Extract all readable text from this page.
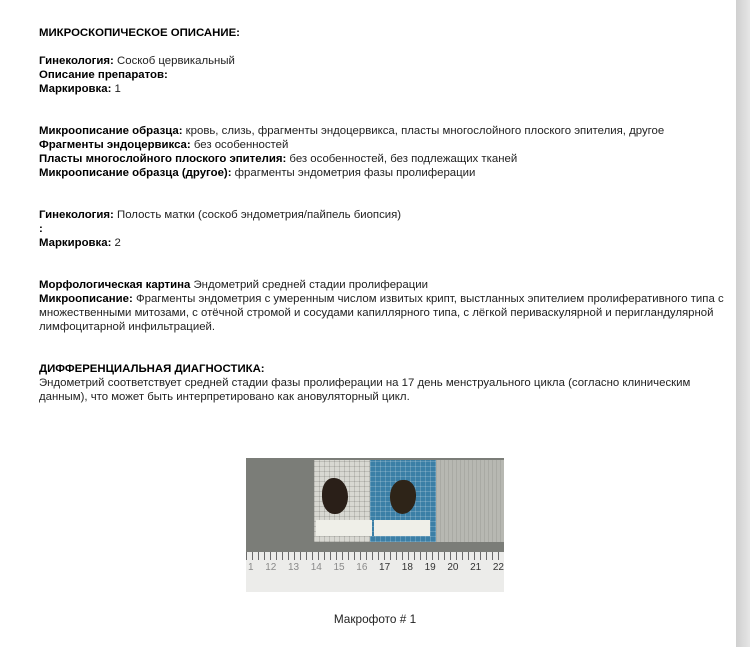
МИКРОСКОПИЧЕСКОЕ ОПИСАНИЕ:
Гинекология: Соскоб цервикальный
Описание препаратов:
Маркировка: 1
Микроописание образца: кровь, слизь, фрагменты эндоцервикса, пласты многослойного плоского эпителия, другое
Фрагменты эндоцервикса: без особенностей
Пласты многослойного плоского эпителия: без особенностей, без подлежащих тканей
Микроописание образца (другое): фрагменты эндометрия фазы пролиферации
Гинекология: Полость матки (соскоб эндометрия/пайпель биопсия)
:
Маркировка: 2
Морфологическая картина Эндометрий средней стадии пролиферации
Микроописание: Фрагменты эндометрия с умеренным числом извитых крипт, выстланных эпителием пролиферативного типа с множественными митозами, с отёчной стромой и сосудами капиллярного типа, с лёгкой периваскулярной и перигландулярной лимфоцитарной инфильтрацией.
ДИФФЕРЕНЦИАЛЬНАЯ ДИАГНОСТИКА:
Эндометрий соответствует средней стадии фазы пролиферации на 17 день менструального цикла (согласно клиническим данным), что может быть интерпретировано как ановуляторный цикл.
1 12 13 14 15 16 17 18 19 20 21 22
Макрофото # 1
